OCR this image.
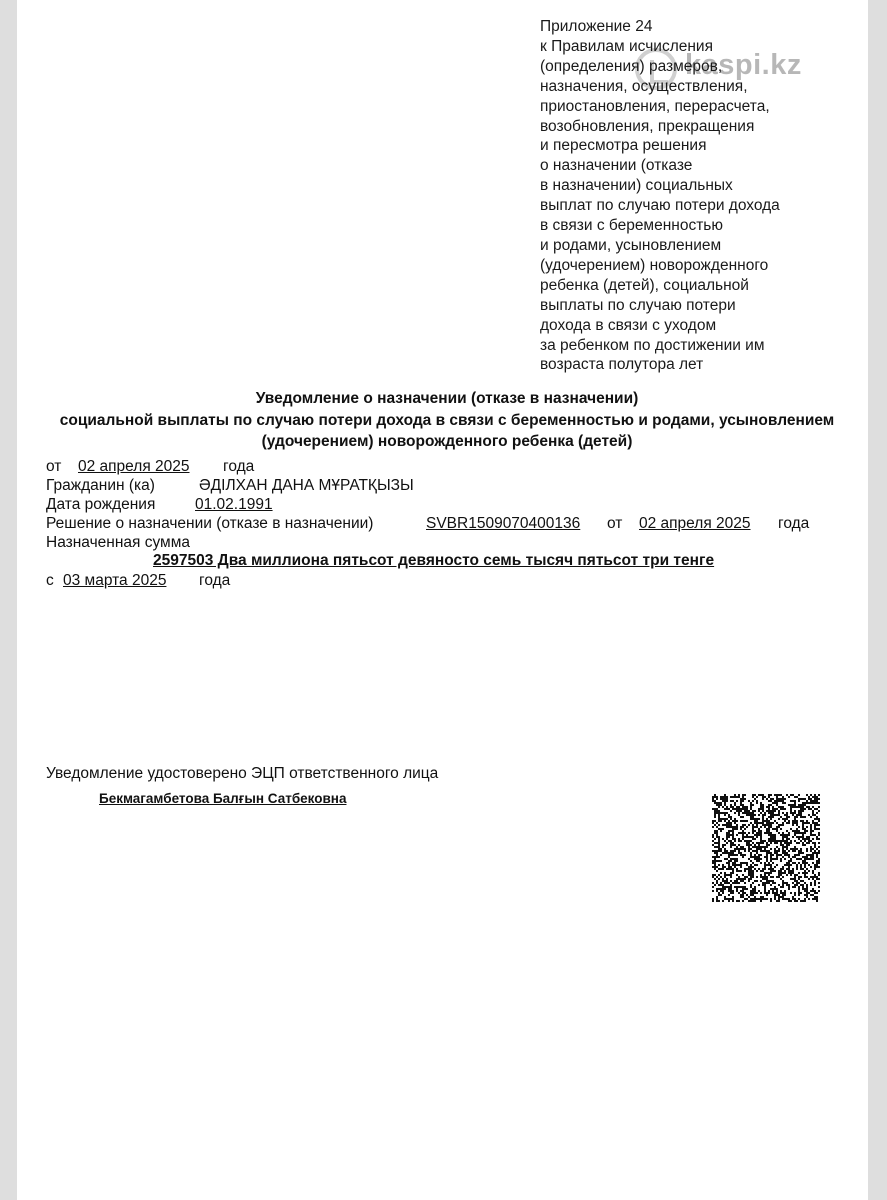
kaspi.kz
Приложение 24
к Правилам исчисления
(определения) размеров,
назначения, осуществления,
приостановления, перерасчета,
возобновления, прекращения
и пересмотра решения
о назначении (отказе
в назначении) социальных
выплат по случаю потери дохода
в связи с беременностью
и родами, усыновлением
(удочерением) новорожденного
ребенка (детей), социальной
выплаты по случаю потери
дохода в связи с уходом
за ребенком по достижении им
возраста полутора лет
Уведомление о назначении (отказе в назначении)
социальной выплаты по случаю потери дохода в связи с беременностью и родами, усыновлением
(удочерением) новорожденного ребенка (детей)
от 02 апреля 2025 года
Гражданин (ка)	ӘДІЛХАН ДАНА МҰРАТҚЫЗЫ
Дата рождения	01.02.1991
Решение о назначении (отказе в назначении)	SVBR1509070400136 от 02 апреля 2025 года
Назначенная сумма
2597503 Два миллиона пятьсот девяносто семь тысяч пятьсот три тенге
с 03 марта 2025 года
Уведомление удостоверено ЭЦП ответственного лица
Бекмагамбетова Балғын Сатбековна
